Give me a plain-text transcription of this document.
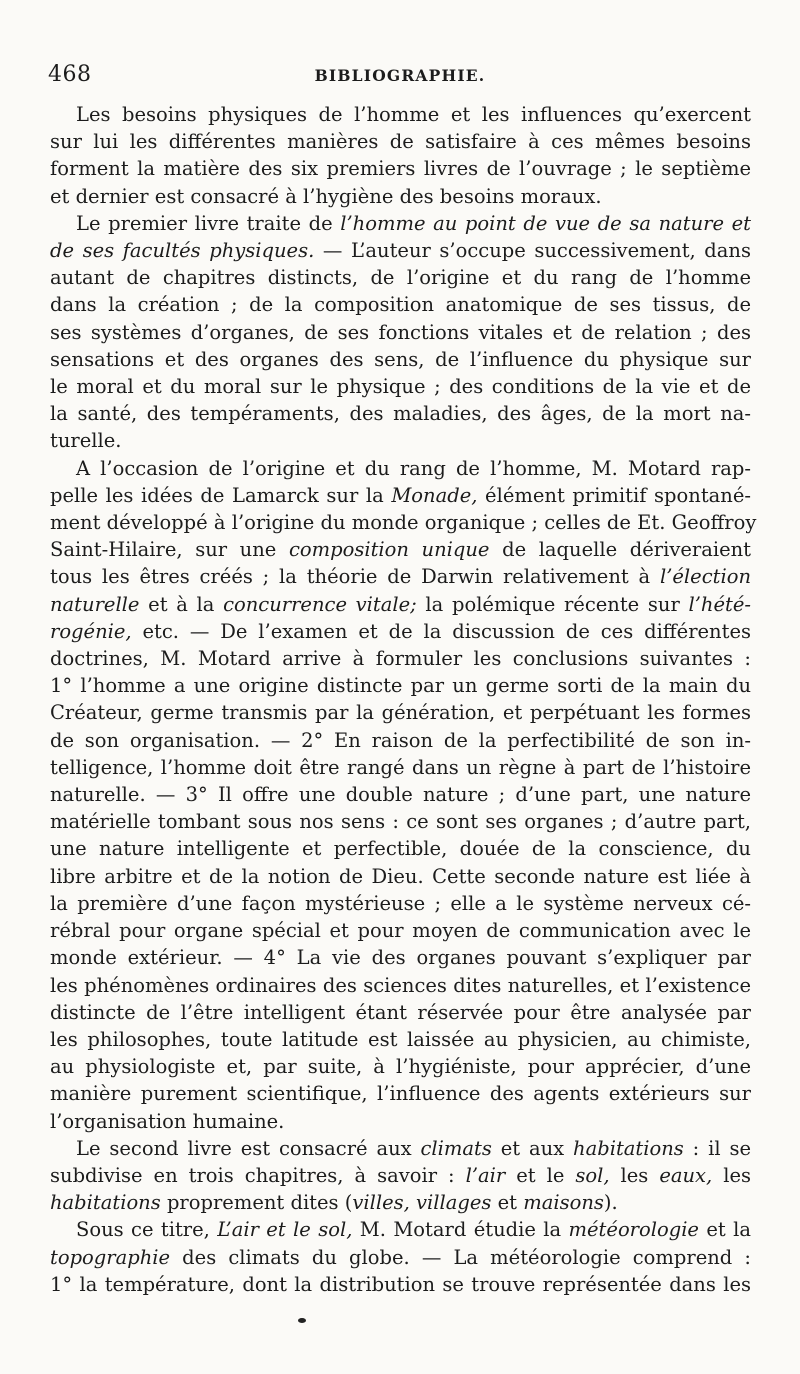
468	BIBLIOGRAPHIE.
Les besoins physiques de l’homme et les influences qu’exercent
sur lui les différentes manières de satisfaire à ces mêmes besoins
forment la matière des six premiers livres de l’ouvrage ; le septième
et dernier est consacré à l’hygiène des besoins moraux.
Le premier livre traite de l’homme au point de vue de sa nature et
de ses facultés physiques. — L’auteur s’occupe successivement, dans
autant de chapitres distincts, de l’origine et du rang de l’homme
dans la création ; de la composition anatomique de ses tissus, de
ses systèmes d’organes, de ses fonctions vitales et de relation ; des
sensations et des organes des sens, de l’influence du physique sur
le moral et du moral sur le physique ; des conditions de la vie et de
la santé, des tempéraments, des maladies, des âges, de la mort na-
turelle.
A l’occasion de l’origine et du rang de l’homme, M. Motard rap-
pelle les idées de Lamarck sur la Monade, élément primitif spontané-
ment développé à l’origine du monde organique ; celles de Et. Geoffroy
Saint-Hilaire, sur une composition unique de laquelle dériveraient
tous les êtres créés ; la théorie de Darwin relativement à l’élection
naturelle et à la concurrence vitale; la polémique récente sur l’hété-
rogénie, etc. — De l’examen et de la discussion de ces différentes
doctrines, M. Motard arrive à formuler les conclusions suivantes :
1° l’homme a une origine distincte par un germe sorti de la main du
Créateur, germe transmis par la génération, et perpétuant les formes
de son organisation. — 2° En raison de la perfectibilité de son in-
telligence, l’homme doit être rangé dans un règne à part de l’histoire
naturelle. — 3° Il offre une double nature ; d’une part, une nature
matérielle tombant sous nos sens : ce sont ses organes ; d’autre part,
une nature intelligente et perfectible, douée de la conscience, du
libre arbitre et de la notion de Dieu. Cette seconde nature est liée à
la première d’une façon mystérieuse ; elle a le système nerveux cé-
rébral pour organe spécial et pour moyen de communication avec le
monde extérieur. — 4° La vie des organes pouvant s’expliquer par
les phénomènes ordinaires des sciences dites naturelles, et l’existence
distincte de l’être intelligent étant réservée pour être analysée par
les philosophes, toute latitude est laissée au physicien, au chimiste,
au physiologiste et, par suite, à l’hygiéniste, pour apprécier, d’une
manière purement scientifique, l’influence des agents extérieurs sur
l’organisation humaine.
Le second livre est consacré aux climats et aux habitations : il se
subdivise en trois chapitres, à savoir : l’air et le sol, les eaux, les
habitations proprement dites (villes, villages et maisons).
Sous ce titre, L’air et le sol, M. Motard étudie la météorologie et la
topographie des climats du globe. — La météorologie comprend :
1° la température, dont la distribution se trouve représentée dans les
